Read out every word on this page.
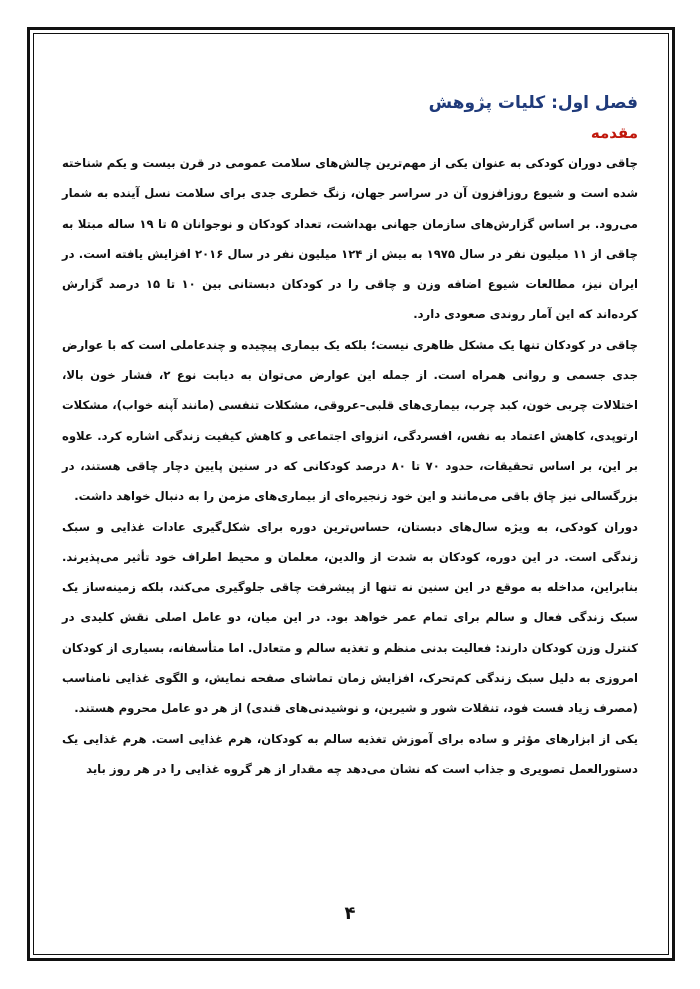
فصل اول: کلیات پژوهش
مقدمه

چاقی دوران کودکی به عنوان یکی از مهم‌ترین چالش‌های سلامت عمومی در قرن بیست و یکم شناخته شده است و شیوع روزافزون آن در سراسر جهان، زنگ خطری جدی برای سلامت نسل آینده به شمار می‌رود. بر اساس گزارش‌های سازمان جهانی بهداشت، تعداد کودکان و نوجوانان ۵ تا ۱۹ ساله مبتلا به چاقی از ۱۱ میلیون نفر در سال ۱۹۷۵ به بیش از ۱۲۴ میلیون نفر در سال ۲۰۱۶ افزایش یافته است. در ایران نیز، مطالعات شیوع اضافه وزن و چاقی را در کودکان دبستانی بین ۱۰ تا ۱۵ درصد گزارش کرده‌اند که این آمار روندی صعودی دارد.

چاقی در کودکان تنها یک مشکل ظاهری نیست؛ بلکه یک بیماری پیچیده و چندعاملی است که با عوارض جدی جسمی و روانی همراه است. از جمله این عوارض می‌توان به دیابت نوع ۲، فشار خون بالا، اختلالات چربی خون، کبد چرب، بیماری‌های قلبی–عروقی، مشکلات تنفسی (مانند آپنه خواب)، مشکلات ارتوپدی، کاهش اعتماد به نفس، افسردگی، انزوای اجتماعی و کاهش کیفیت زندگی اشاره کرد. علاوه بر این، بر اساس تحقیقات، حدود ۷۰ تا ۸۰ درصد کودکانی که در سنین پایین دچار چاقی هستند، در بزرگسالی نیز چاق باقی می‌مانند و این خود زنجیره‌ای از بیماری‌های مزمن را به دنبال خواهد داشت.

دوران کودکی، به ویژه سال‌های دبستان، حساس‌ترین دوره برای شکل‌گیری عادات غذایی و سبک زندگی است. در این دوره، کودکان به شدت از والدین، معلمان و محیط اطراف خود تأثیر می‌پذیرند. بنابراین، مداخله به موقع در این سنین نه تنها از پیشرفت چاقی جلوگیری می‌کند، بلکه زمینه‌ساز یک سبک زندگی فعال و سالم برای تمام عمر خواهد بود. در این میان، دو عامل اصلی نقش کلیدی در کنترل وزن کودکان دارند: فعالیت بدنی منظم و تغذیه سالم و متعادل. اما متأسفانه، بسیاری از کودکان امروزی به دلیل سبک زندگی کم‌تحرک، افزایش زمان تماشای صفحه نمایش، و الگوی غذایی نامناسب (مصرف زیاد فست فود، تنقلات شور و شیرین، و نوشیدنی‌های قندی) از هر دو عامل محروم هستند.

یکی از ابزارهای مؤثر و ساده برای آموزش تغذیه سالم به کودکان، هرم غذایی است. هرم غذایی یک دستورالعمل تصویری و جذاب است که نشان می‌دهد چه مقدار از هر گروه غذایی را در هر روز باید

۴
